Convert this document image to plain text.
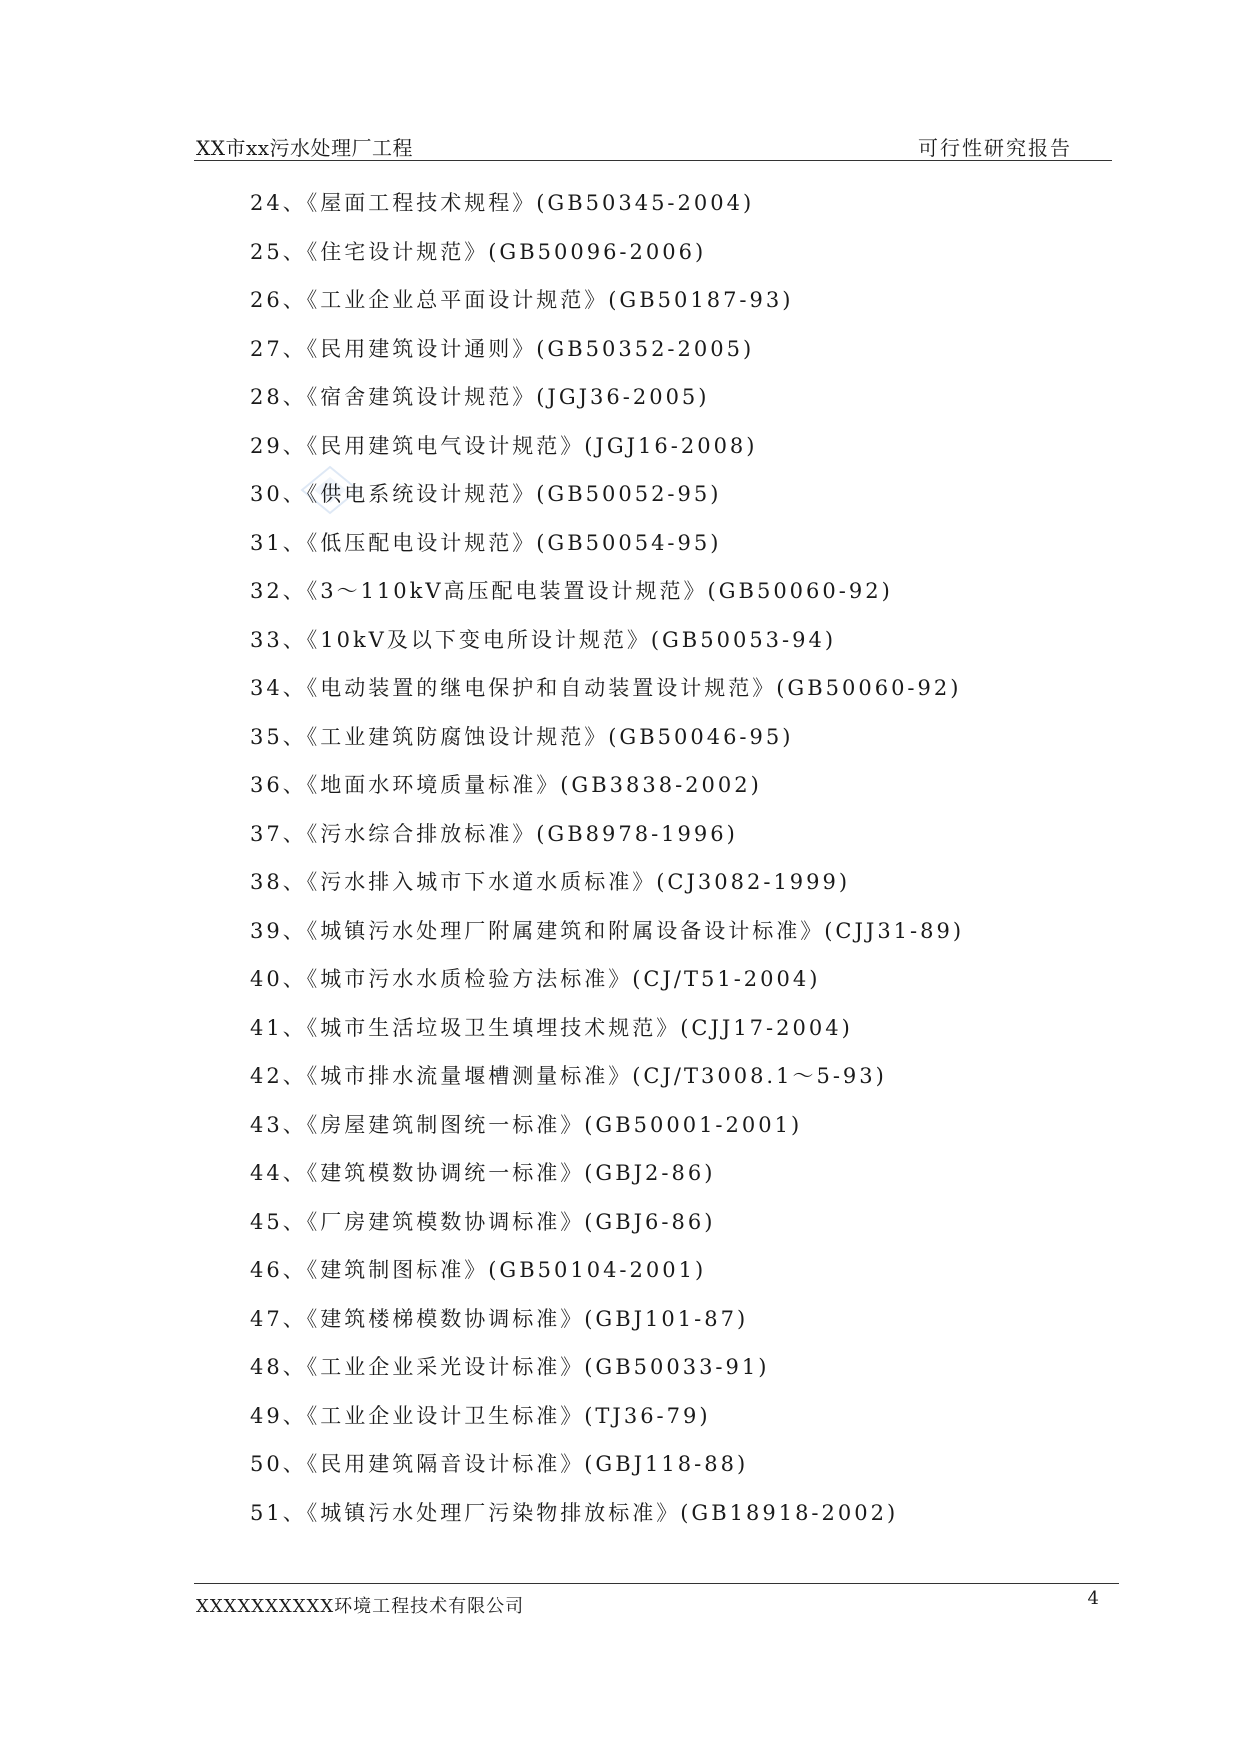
XX市xx污水处理厂工程	可行性研究报告
24、《屋面工程技术规程》(GB50345-2004)
25、《住宅设计规范》(GB50096-2006)
26、《工业企业总平面设计规范》(GB50187-93)
27、《民用建筑设计通则》(GB50352-2005)
28、《宿舍建筑设计规范》(JGJ36-2005)
29、《民用建筑电气设计规范》(JGJ16-2008)
30、《供电系统设计规范》(GB50052-95)
31、《低压配电设计规范》(GB50054-95)
32、《3～110kV高压配电装置设计规范》(GB50060-92)
33、《10kV及以下变电所设计规范》(GB50053-94)
34、《电动装置的继电保护和自动装置设计规范》(GB50060-92)
35、《工业建筑防腐蚀设计规范》(GB50046-95)
36、《地面水环境质量标准》(GB3838-2002)
37、《污水综合排放标准》(GB8978-1996)
38、《污水排入城市下水道水质标准》(CJ3082-1999)
39、《城镇污水处理厂附属建筑和附属设备设计标准》(CJJ31-89)
40、《城市污水水质检验方法标准》(CJ/T51-2004)
41、《城市生活垃圾卫生填埋技术规范》(CJJ17-2004)
42、《城市排水流量堰槽测量标准》(CJ/T3008.1～5-93)
43、《房屋建筑制图统一标准》(GB50001-2001)
44、《建筑模数协调统一标准》(GBJ2-86)
45、《厂房建筑模数协调标准》(GBJ6-86)
46、《建筑制图标准》(GB50104-2001)
47、《建筑楼梯模数协调标准》(GBJ101-87)
48、《工业企业采光设计标准》(GB50033-91)
49、《工业企业设计卫生标准》(TJ36-79)
50、《民用建筑隔音设计标准》(GBJ118-88)
51、《城镇污水处理厂污染物排放标准》(GB18918-2002)
XXXXXXXXXX环境工程技术有限公司	4
